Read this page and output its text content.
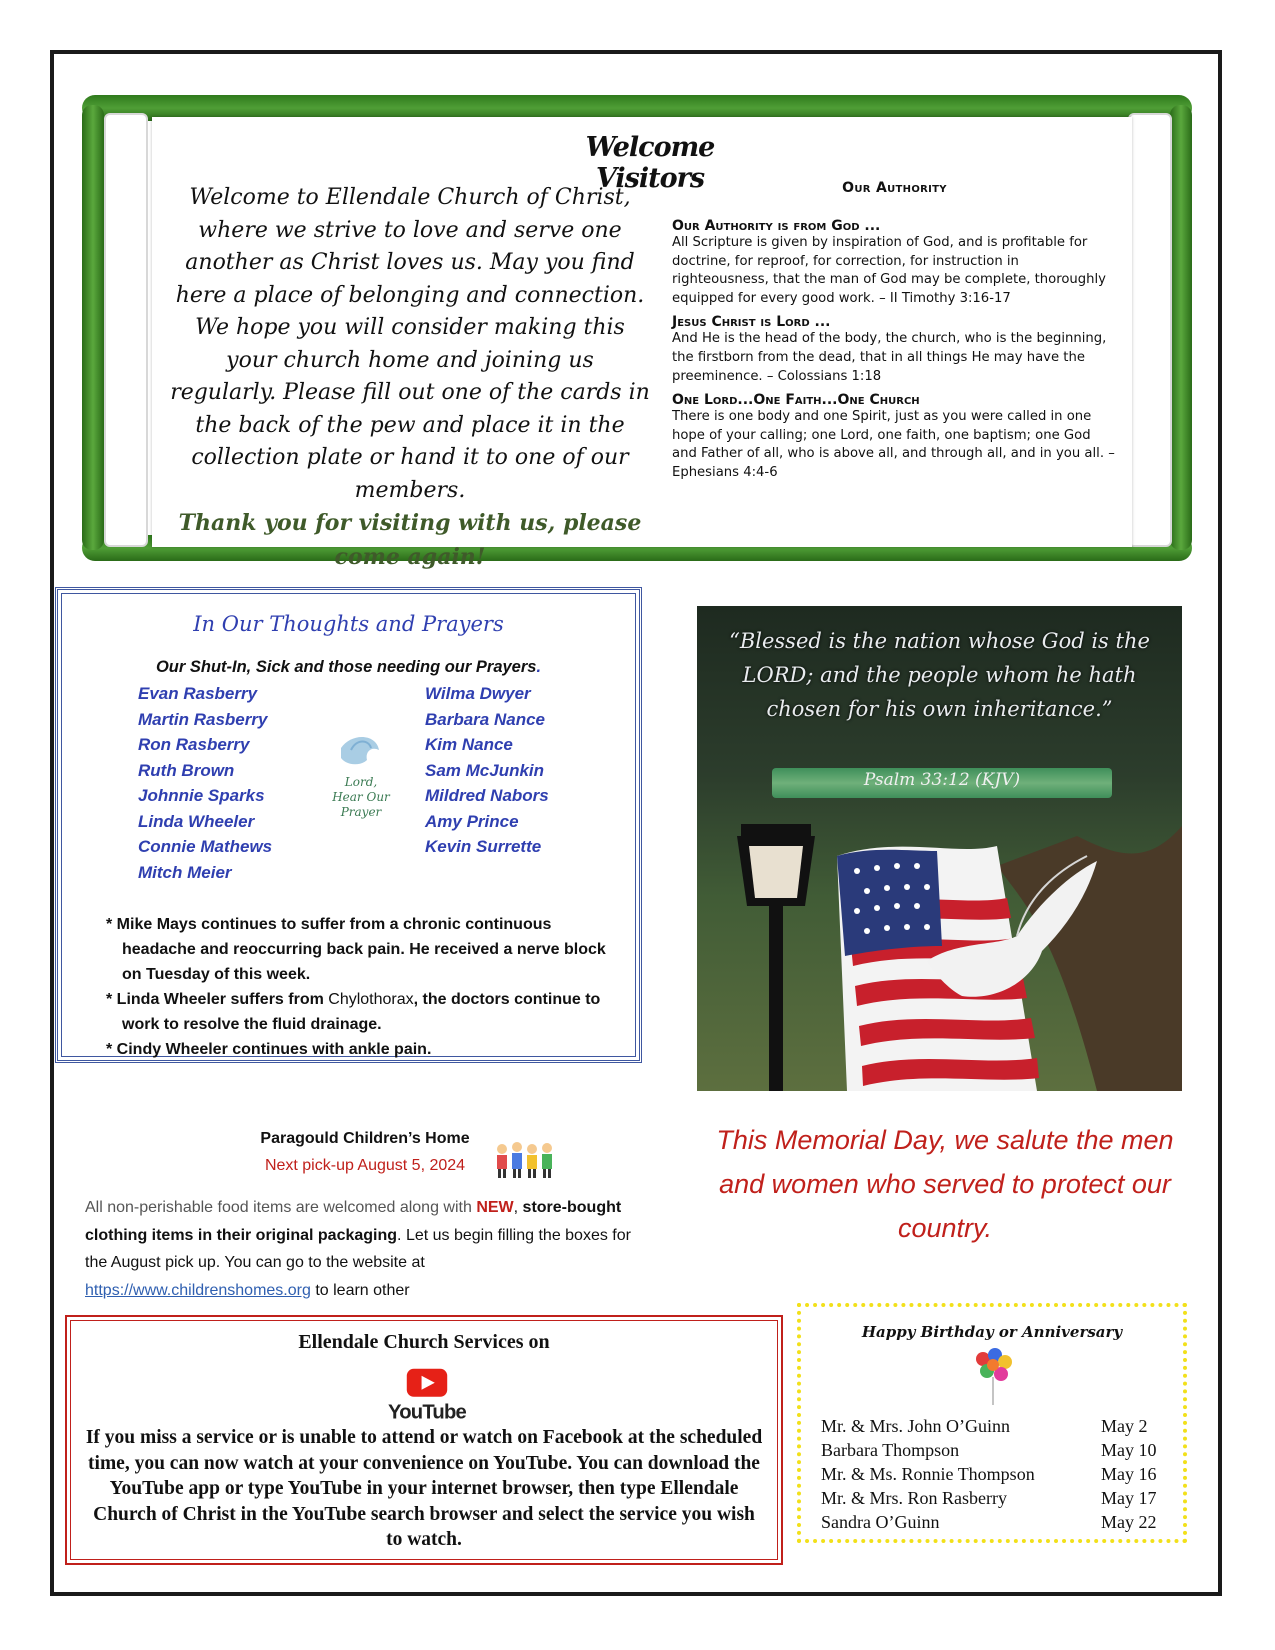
Welcome Visitors
Welcome to Ellendale Church of Christ, where we strive to love and serve one another as Christ loves us. May you find here a place of belonging and connection. We hope you will consider making this your church home and joining us regularly. Please fill out one of the cards in the back of the pew and place it in the collection plate or hand it to one of our members.
Thank you for visiting with us, please come again!
Our Authority
Our Authority is from God ...
All Scripture is given by inspiration of God, and is profitable for doctrine, for reproof, for correction, for instruction in righteousness, that the man of God may be complete, thoroughly equipped for every good work. – II Timothy 3:16-17
Jesus Christ is Lord ...
And He is the head of the body, the church, who is the beginning, the firstborn from the dead, that in all things He may have the preeminence. – Colossians 1:18
One Lord...One Faith...One Church
There is one body and one Spirit, just as you were called in one hope of your calling; one Lord, one faith, one baptism; one God and Father of all, who is above all, and through all, and in you all. – Ephesians 4:4-6
In Our Thoughts and Prayers
Our Shut-In, Sick and those needing our Prayers.
Evan Rasberry
Martin Rasberry
Ron Rasberry
Ruth Brown
Johnnie Sparks
Linda Wheeler
Connie Mathews
Mitch Meier
Lord,
Hear Our
Prayer
Wilma Dwyer
Barbara Nance
Kim Nance
Sam McJunkin
Mildred Nabors
Amy Prince
Kevin Surrette
* Mike Mays continues to suffer from a chronic continuous headache and reoccurring back pain. He received a nerve block on Tuesday of this week.
* Linda Wheeler suffers from Chylothorax, the doctors continue to work to resolve the fluid drainage.
* Cindy Wheeler continues with ankle pain.
“Blessed is the nation whose God is the LORD; and the people whom he hath chosen for his own inheritance.”
Psalm 33:12 (KJV)
Paragould Children’s Home
Next pick-up August 5, 2024
All non-perishable food items are welcomed along with NEW, store-bought clothing items in their original packaging. Let us begin filling the boxes for the August pick up. You can go to the website at https://www.childrenshomes.org to learn other
This Memorial Day, we salute the men and women who served to protect our country.
Ellendale Church Services on
YouTube
If you miss a service or is unable to attend or watch on Facebook at the scheduled time, you can now watch at your convenience on YouTube. You can download the YouTube app or type YouTube in your internet browser, then type Ellendale Church of Christ in the YouTube search browser and select the service you wish to watch.
Happy Birthday or Anniversary
Mr. & Mrs. John O’Guinn	May 2
Barbara Thompson	May 10
Mr. & Ms. Ronnie Thompson	May 16
Mr. & Mrs. Ron Rasberry	May 17
Sandra O’Guinn	May 22
